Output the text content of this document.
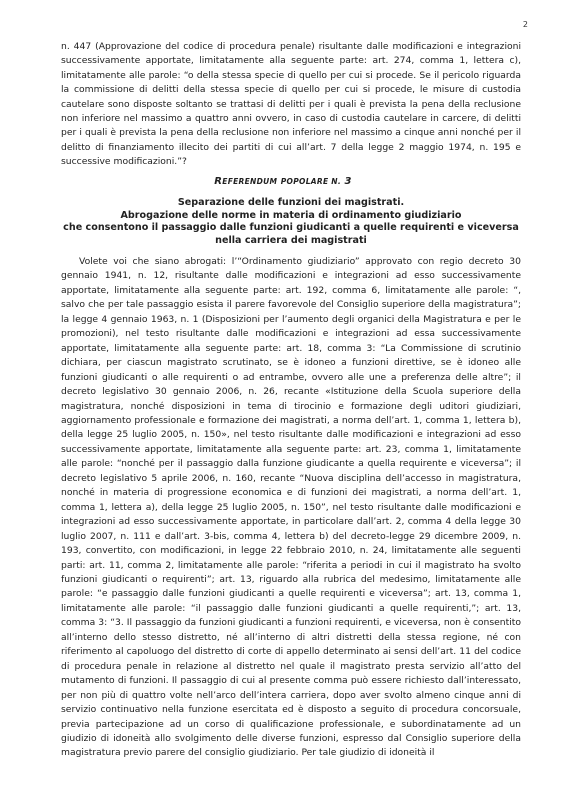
2

n. 447 (Approvazione del codice di procedura penale) risultante dalle modificazioni e integrazioni successivamente apportate, limitatamente alla seguente parte: art. 274, comma 1, lettera c), limitatamente alle parole: “o della stessa specie di quello per cui si procede. Se il pericolo riguarda la commissione di delitti della stessa specie di quello per cui si procede, le misure di custodia cautelare sono disposte soltanto se trattasi di delitti per i quali è prevista la pena della reclusione non inferiore nel massimo a quattro anni ovvero, in caso di custodia cautelare in carcere, di delitti per i quali è prevista la pena della reclusione non inferiore nel massimo a cinque anni nonché per il delitto di finanziamento illecito dei partiti di cui all’art. 7 della legge 2 maggio 1974, n. 195 e successive modificazioni.”?

REFERENDUM POPOLARE N. 3
Separazione delle funzioni dei magistrati.
Abrogazione delle norme in materia di ordinamento giudiziario
che consentono il passaggio dalle funzioni giudicanti a quelle requirenti e viceversa
nella carriera dei magistrati

Volete voi che siano abrogati: l’“Ordinamento giudiziario” approvato con regio decreto 30 gennaio 1941, n. 12, risultante dalle modificazioni e integrazioni ad esso successivamente apportate, limitatamente alla seguente parte: art. 192, comma 6, limitatamente alle parole: “, salvo che per tale passaggio esista il parere favorevole del Consiglio superiore della magistratura”; la legge 4 gennaio 1963, n. 1 (Disposizioni per l’aumento degli organici della Magistratura e per le promozioni), nel testo risultante dalle modificazioni e integrazioni ad essa successivamente apportate, limitatamente alla seguente parte: art. 18, comma 3: “La Commissione di scrutinio dichiara, per ciascun magistrato scrutinato, se è idoneo a funzioni direttive, se è idoneo alle funzioni giudicanti o alle requirenti o ad entrambe, ovvero alle une a preferenza delle altre”; il decreto legislativo 30 gennaio 2006, n. 26, recante «Istituzione della Scuola superiore della magistratura, nonché disposizioni in tema di tirocinio e formazione degli uditori giudiziari, aggiornamento professionale e formazione dei magistrati, a norma dell’art. 1, comma 1, lettera b), della legge 25 luglio 2005, n. 150», nel testo risultante dalle modificazioni e integrazioni ad esso successivamente apportate, limitatamente alla seguente parte: art. 23, comma 1, limitatamente alle parole: “nonché per il passaggio dalla funzione giudicante a quella requirente e viceversa”; il decreto legislativo 5 aprile 2006, n. 160, recante “Nuova disciplina dell’accesso in magistratura, nonché in materia di progressione economica e di funzioni dei magistrati, a norma dell’art. 1, comma 1, lettera a), della legge 25 luglio 2005, n. 150”, nel testo risultante dalle modificazioni e integrazioni ad esso successivamente apportate, in particolare dall’art. 2, comma 4 della legge 30 luglio 2007, n. 111 e dall’art. 3-bis, comma 4, lettera b) del decreto-legge 29 dicembre 2009, n. 193, convertito, con modificazioni, in legge 22 febbraio 2010, n. 24, limitatamente alle seguenti parti: art. 11, comma 2, limitatamente alle parole: “riferita a periodi in cui il magistrato ha svolto funzioni giudicanti o requirenti”; art. 13, riguardo alla rubrica del medesimo, limitatamente alle parole: “e passaggio dalle funzioni giudicanti a quelle requirenti e viceversa”; art. 13, comma 1, limitatamente alle parole: “il passaggio dalle funzioni giudicanti a quelle requirenti,”; art. 13, comma 3: “3. Il passaggio da funzioni giudicanti a funzioni requirenti, e viceversa, non è consentito all’interno dello stesso distretto, né all’interno di altri distretti della stessa regione, né con riferimento al capoluogo del distretto di corte di appello determinato ai sensi dell’art. 11 del codice di procedura penale in relazione al distretto nel quale il magistrato presta servizio all’atto del mutamento di funzioni. Il passaggio di cui al presente comma può essere richiesto dall’interessato, per non più di quattro volte nell’arco dell’intera carriera, dopo aver svolto almeno cinque anni di servizio continuativo nella funzione esercitata ed è disposto a seguito di procedura concorsuale, previa partecipazione ad un corso di qualificazione professionale, e subordinatamente ad un giudizio di idoneità allo svolgimento delle diverse funzioni, espresso dal Consiglio superiore della magistratura previo parere del consiglio giudiziario. Per tale giudizio di idoneità il
